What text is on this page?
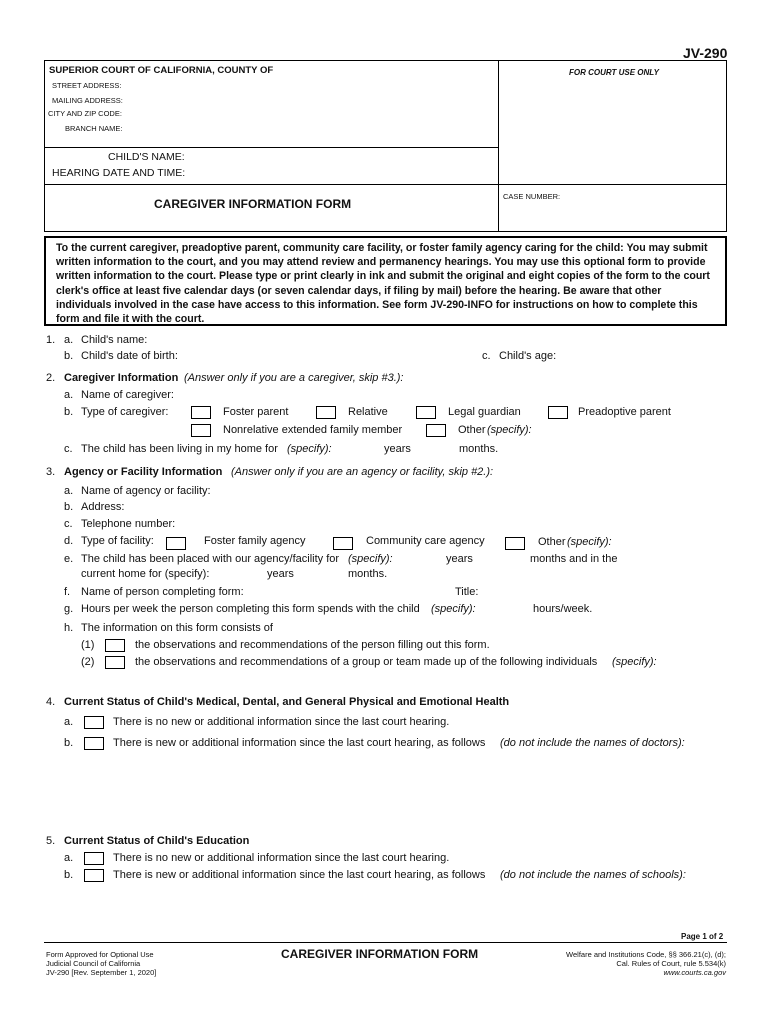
JV-290
SUPERIOR COURT OF CALIFORNIA, COUNTY OF
STREET ADDRESS:
MAILING ADDRESS:
CITY AND ZIP CODE:
BRANCH NAME:
FOR COURT USE ONLY
CHILD'S NAME:
HEARING DATE AND TIME:
CAREGIVER INFORMATION FORM
CASE NUMBER:
To the current caregiver, preadoptive parent, community care facility, or foster family agency caring for the child: You may submit written information to the court, and you may attend review and permanency hearings. You may use this optional form to provide written information to the court. Please type or print clearly in ink and submit the original and eight copies of the form to the court clerk's office at least five calendar days (or seven calendar days, if filing by mail) before the hearing. Be aware that other individuals involved in the case have access to this information. See form JV-290-INFO for instructions on how to complete this form and file it with the court.
1. a. Child's name:
b. Child's date of birth:	c. Child's age:
2. Caregiver Information (Answer only if you are a caregiver, skip #3.):
a. Name of caregiver:
b. Type of caregiver:	Foster parent	Relative	Legal guardian	Preadoptive parent
Nonrelative extended family member	Other (specify):
c. The child has been living in my home for (specify):	years	months.
3. Agency or Facility Information (Answer only if you are an agency or facility, skip #2.):
a. Name of agency or facility:
b. Address:
c. Telephone number:
d. Type of facility:	Foster family agency	Community care agency	Other (specify):
e. The child has been placed with our agency/facility for (specify):	years	months and in the
current home for (specify):	years	months.
f. Name of person completing form:	Title:
g. Hours per week the person completing this form spends with the child (specify):	hours/week.
h. The information on this form consists of
(1)	the observations and recommendations of the person filling out this form.
(2)	the observations and recommendations of a group or team made up of the following individuals (specify):
4. Current Status of Child's Medical, Dental, and General Physical and Emotional Health
a.	There is no new or additional information since the last court hearing.
b.	There is new or additional information since the last court hearing, as follows (do not include the names of doctors):
5. Current Status of Child's Education
a.	There is no new or additional information since the last court hearing.
b.	There is new or additional information since the last court hearing, as follows (do not include the names of schools):
Page 1 of 2
Form Approved for Optional Use
Judicial Council of California
JV-290 [Rev. September 1, 2020]
CAREGIVER INFORMATION FORM	Welfare and Institutions Code, §§ 366.21(c), (d);
Cal. Rules of Court, rule 5.534(k)
www.courts.ca.gov
